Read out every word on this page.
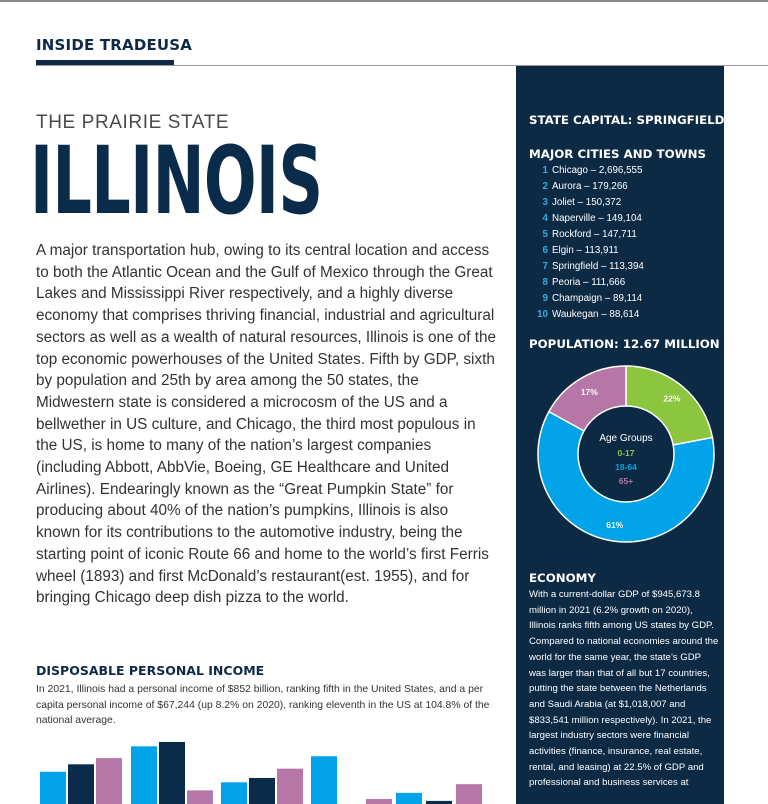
INSIDE TRADEUSA
THE PRAIRIE STATE
ILLINOIS

A major transportation hub, owing to its central location and access to both the Atlantic Ocean and the Gulf of Mexico through the Great Lakes and Mississippi River respectively, and a highly diverse economy that comprises thriving financial, industrial and agricultural sectors as well as a wealth of natural resources, Illinois is one of the top economic powerhouses of the United States. Fifth by GDP, sixth by population and 25th by area among the 50 states, the Midwestern state is considered a microcosm of the US and a bellwether in US culture, and Chicago, the third most populous in the US, is home to many of the nation’s largest companies (including Abbott, AbbVie, Boeing, GE Healthcare and United Airlines). Endearingly known as the “Great Pumpkin State” for producing about 40% of the nation’s pumpkins, Illinois is also known for its contributions to the automotive industry, being the starting point of iconic Route 66 and home to the world’s first Ferris wheel (1893) and first McDonald’s restaurant(est. 1955), and for bringing Chicago deep dish pizza to the world.

DISPOSABLE PERSONAL INCOME

In 2021, Illinois had a personal income of $852 billion, ranking fifth in the United States, and a per capita personal income of $67,244 (up 8.2% on 2020), ranking eleventh in the US at 104.8% of the national average.

STATE CAPITAL: SPRINGFIELD
MAJOR CITIES AND TOWNS
1 Chicago – 2,696,555
2 Aurora – 179,266
3 Joliet – 150,372
4 Naperville – 149,104
5 Rockford – 147,711
6 Elgin – 113,911
7 Springfield – 113,394
8 Peoria – 111,666
9 Champaign – 89,114
10 Waukegan – 88,614
POPULATION: 12.67 MILLION
22%
61%
17%
Age Groups
0-17
18-64
65+
ECONOMY

With a current-dollar GDP of $945,673.8 million in 2021 (6.2% growth on 2020), Illinois ranks fifth among US states by GDP. Compared to national economies around the world for the same year, the state’s GDP was larger than that of all but 17 countries, putting the state between the Netherlands and Saudi Arabia (at $1,018,007 and $833,541 million respectively). In 2021, the largest industry sectors were financial activities (finance, insurance, real estate, rental, and leasing) at 22.5% of GDP and professional and business services at
